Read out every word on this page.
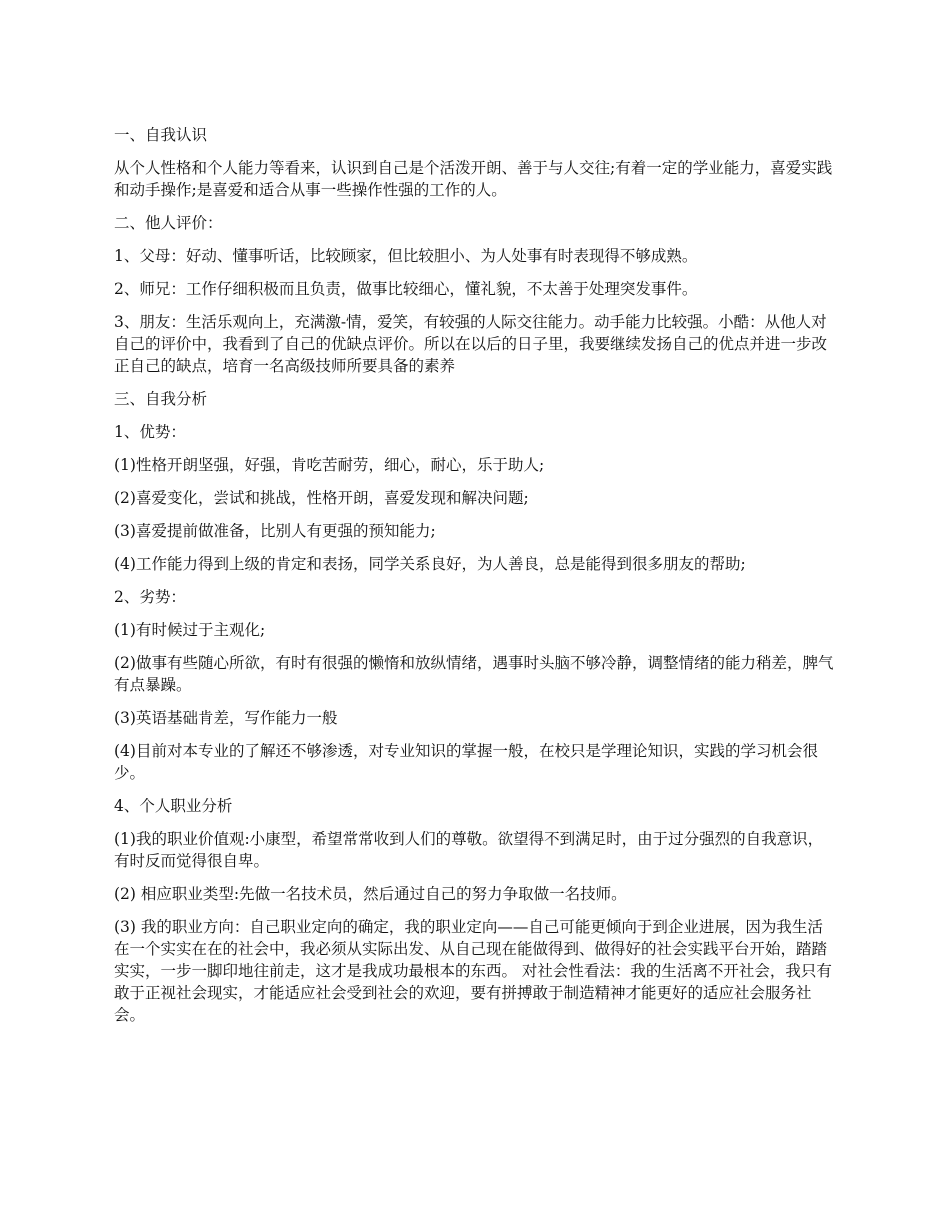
一、自我认识

从个人性格和个人能力等看来，认识到自己是个活泼开朗、善于与人交往;有着一定的学业能力，喜爱实践和动手操作;是喜爱和适合从事一些操作性强的工作的人。

二、他人评价：

1、父母：好动、懂事听话，比较顾家，但比较胆小、为人处事有时表现得不够成熟。

2、师兄：工作仔细积极而且负责，做事比较细心，懂礼貌，不太善于处理突发事件。

3、朋友：生活乐观向上，充满激-情，爱笑，有较强的人际交往能力。动手能力比较强。小酷：从他人对自己的评价中，我看到了自己的优缺点评价。所以在以后的日子里，我要继续发扬自己的优点并进一步改正自己的缺点，培育一名高级技师所要具备的素养

三、自我分析

1、优势：

(1)性格开朗坚强，好强，肯吃苦耐劳，细心，耐心，乐于助人;

(2)喜爱变化，尝试和挑战，性格开朗，喜爱发现和解决问题;

(3)喜爱提前做准备，比别人有更强的预知能力;

(4)工作能力得到上级的肯定和表扬，同学关系良好，为人善良，总是能得到很多朋友的帮助;

2、劣势：

(1)有时候过于主观化;

(2)做事有些随心所欲，有时有很强的懒惰和放纵情绪，遇事时头脑不够冷静，调整情绪的能力稍差，脾气有点暴躁。

(3)英语基础肯差，写作能力一般

(4)目前对本专业的了解还不够渗透，对专业知识的掌握一般，在校只是学理论知识，实践的学习机会很少。

4、个人职业分析

(1)我的职业价值观:小康型，希望常常收到人们的尊敬。欲望得不到满足时，由于过分强烈的自我意识，有时反而觉得很自卑。

(2) 相应职业类型:先做一名技术员，然后通过自己的努力争取做一名技师。

(3) 我的职业方向：自己职业定向的确定，我的职业定向——自己可能更倾向于到企业进展，因为我生活在一个实实在在的社会中，我必须从实际出发、从自己现在能做得到、做得好的社会实践平台开始，踏踏实实，一步一脚印地往前走，这才是我成功最根本的东西。 对社会性看法：我的生活离不开社会，我只有敢于正视社会现实，才能适应社会受到社会的欢迎，要有拼搏敢于制造精神才能更好的适应社会服务社会。
